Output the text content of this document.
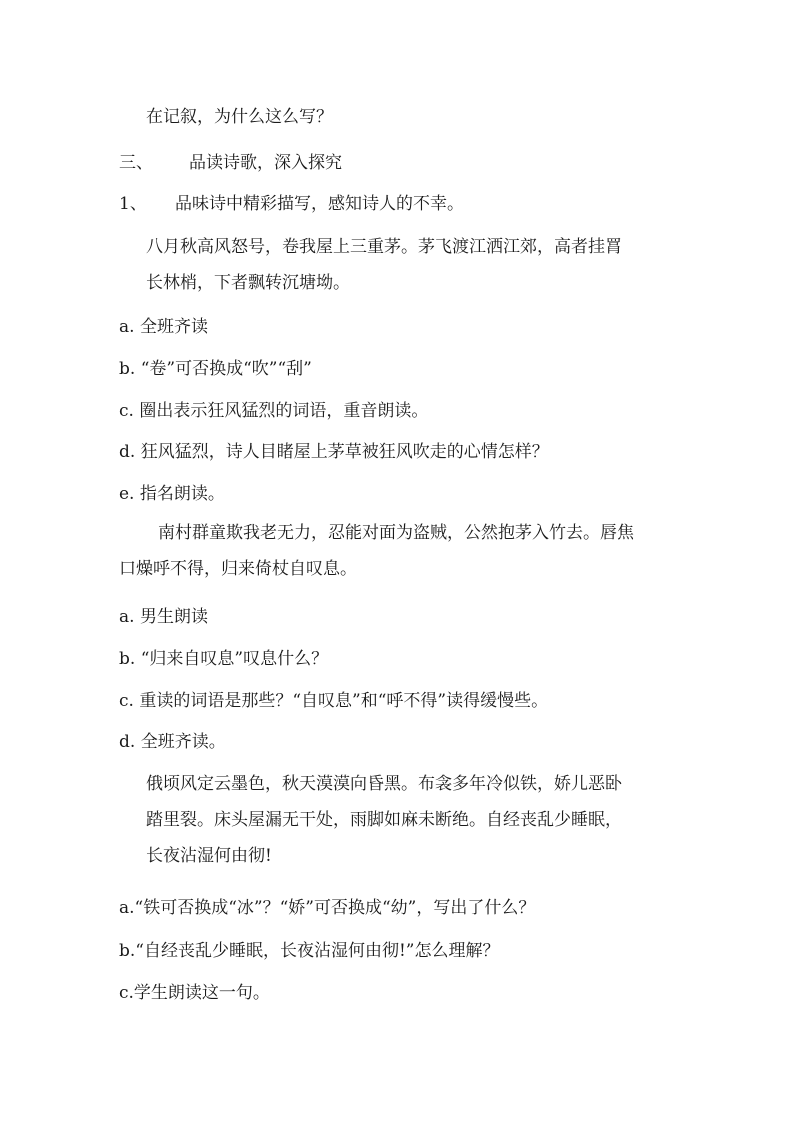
在记叙，为什么这么写？
三、 品读诗歌，深入探究
1、 品味诗中精彩描写，感知诗人的不幸。
八月秋高风怒号，卷我屋上三重茅。茅飞渡江洒江郊，高者挂罥
长林梢，下者飘转沉塘坳。
a. 全班齐读
b. “卷”可否换成“吹”“刮”
c. 圈出表示狂风猛烈的词语，重音朗读。
d. 狂风猛烈，诗人目睹屋上茅草被狂风吹走的心情怎样？
e. 指名朗读。
南村群童欺我老无力，忍能对面为盗贼，公然抱茅入竹去。唇焦
口燥呼不得，归来倚杖自叹息。
a. 男生朗读
b. “归来自叹息”叹息什么？
c. 重读的词语是那些？“自叹息”和“呼不得”读得缓慢些。
d. 全班齐读。
俄顷风定云墨色，秋天漠漠向昏黑。布衾多年冷似铁，娇儿恶卧
踏里裂。床头屋漏无干处，雨脚如麻未断绝。自经丧乱少睡眠，
长夜沾湿何由彻!
a.“铁可否换成“冰”？“娇”可否换成“幼”，写出了什么？
b.“自经丧乱少睡眠，长夜沾湿何由彻!”怎么理解？
c.学生朗读这一句。
